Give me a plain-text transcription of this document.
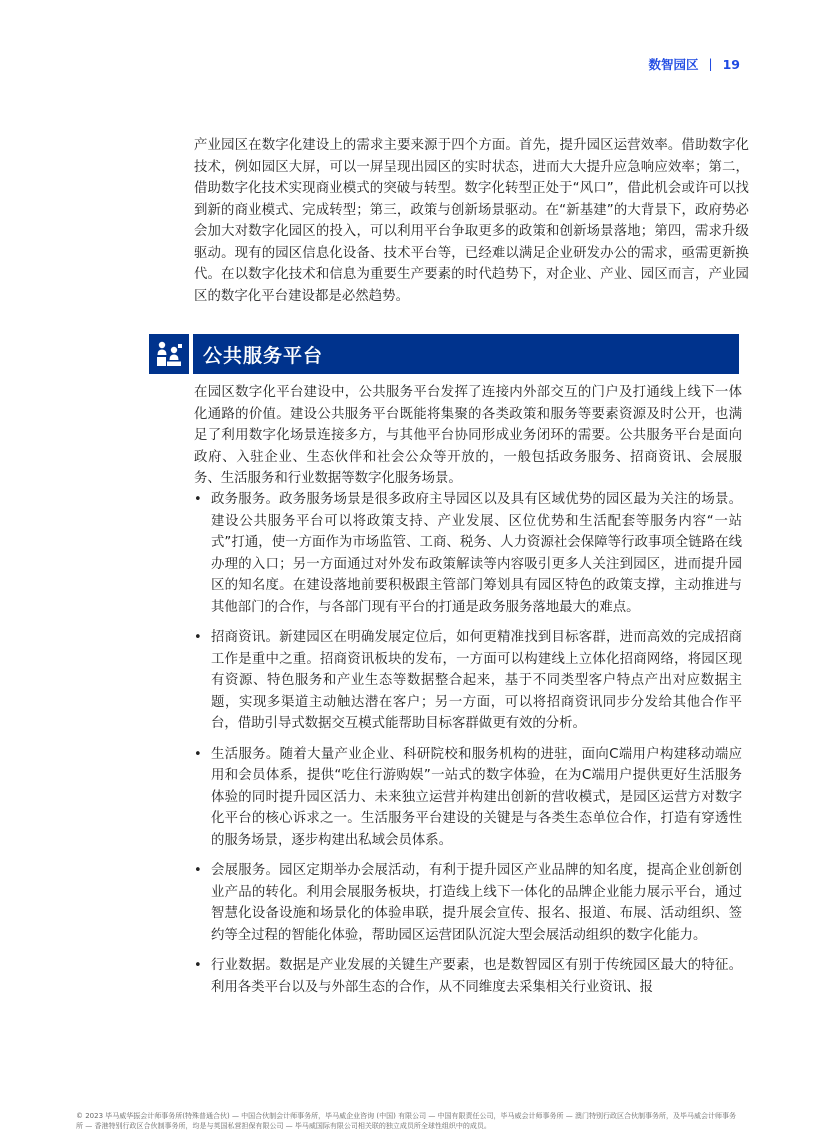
数智园区 | 19

产业园区在数字化建设上的需求主要来源于四个方面。首先，提升园区运营效率。借助数字化技术，例如园区大屏，可以一屏呈现出园区的实时状态，进而大大提升应急响应效率；第二，借助数字化技术实现商业模式的突破与转型。数字化转型正处于“风口”，借此机会或许可以找到新的商业模式、完成转型；第三，政策与创新场景驱动。在“新基建”的大背景下，政府势必会加大对数字化园区的投入，可以利用平台争取更多的政策和创新场景落地；第四，需求升级驱动。现有的园区信息化设备、技术平台等，已经难以满足企业研发办公的需求，亟需更新换代。在以数字化技术和信息为重要生产要素的时代趋势下，对企业、产业、园区而言，产业园区的数字化平台建设都是必然趋势。

公共服务平台

在园区数字化平台建设中，公共服务平台发挥了连接内外部交互的门户及打通线上线下一体化通路的价值。建设公共服务平台既能将集聚的各类政策和服务等要素资源及时公开，也满足了利用数字化场景连接多方，与其他平台协同形成业务闭环的需要。公共服务平台是面向政府、入驻企业、生态伙伴和社会公众等开放的，一般包括政务服务、招商资讯、会展服务、生活服务和行业数据等数字化服务场景。

• 政务服务。政务服务场景是很多政府主导园区以及具有区域优势的园区最为关注的场景。建设公共服务平台可以将政策支持、产业发展、区位优势和生活配套等服务内容“一站式”打通，使一方面作为市场监管、工商、税务、人力资源社会保障等行政事项全链路在线办理的入口；另一方面通过对外发布政策解读等内容吸引更多人关注到园区，进而提升园区的知名度。在建设落地前要积极跟主管部门筹划具有园区特色的政策支撑，主动推进与其他部门的合作，与各部门现有平台的打通是政务服务落地最大的难点。
• 招商资讯。新建园区在明确发展定位后，如何更精准找到目标客群，进而高效的完成招商工作是重中之重。招商资讯板块的发布，一方面可以构建线上立体化招商网络，将园区现有资源、特色服务和产业生态等数据整合起来，基于不同类型客户特点产出对应数据主题，实现多渠道主动触达潜在客户；另一方面，可以将招商资讯同步分发给其他合作平台，借助引导式数据交互模式能帮助目标客群做更有效的分析。
• 生活服务。随着大量产业企业、科研院校和服务机构的进驻，面向C端用户构建移动端应用和会员体系，提供“吃住行游购娱”一站式的数字体验，在为C端用户提供更好生活服务体验的同时提升园区活力、未来独立运营并构建出创新的营收模式，是园区运营方对数字化平台的核心诉求之一。生活服务平台建设的关键是与各类生态单位合作，打造有穿透性的服务场景，逐步构建出私域会员体系。
• 会展服务。园区定期举办会展活动，有利于提升园区产业品牌的知名度，提高企业创新创业产品的转化。利用会展服务板块，打造线上线下一体化的品牌企业能力展示平台，通过智慧化设备设施和场景化的体验串联，提升展会宣传、报名、报道、布展、活动组织、签约等全过程的智能化体验，帮助园区运营团队沉淀大型会展活动组织的数字化能力。
• 行业数据。数据是产业发展的关键生产要素，也是数智园区有别于传统园区最大的特征。利用各类平台以及与外部生态的合作，从不同维度去采集相关行业资讯、报
© 2023 毕马威华振会计师事务所(特殊普通合伙) — 中国合伙制会计师事务所，毕马威企业咨询 (中国) 有限公司 — 中国有限责任公司，毕马威会计师事务所 — 澳门特别行政区合伙制事务所，及毕马威会计师事务所 — 香港特别行政区合伙制事务所，均是与英国私营担保有限公司 — 毕马威国际有限公司相关联的独立成员所全球性组织中的成员。
